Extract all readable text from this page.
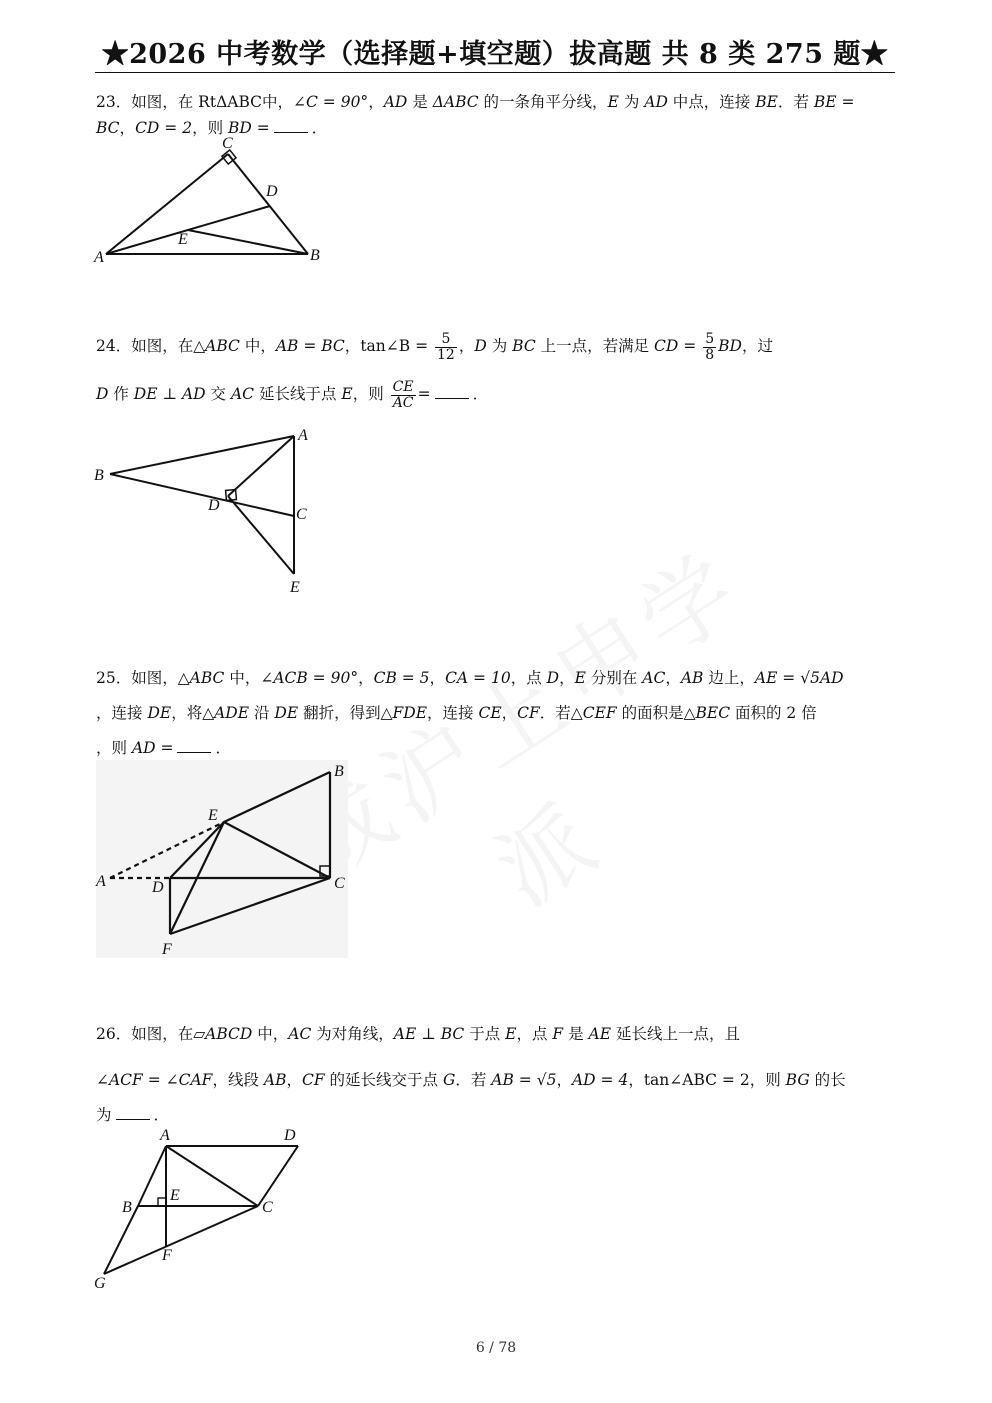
★2026 中考数学（选择题+填空题）拔高题 共 8 类 275 题★
23．如图，在 RtΔABC中，∠C = 90°，AD 是 ΔABC 的一条角平分线，E 为 AD 中点，连接 BE．若 BE =
BC，CD = 2，则 BD =	．
A	B
C
D
E
24．如图，在△ABC 中，AB = BC，tan∠B = $\frac{5}{12}$ ，D 为 BC 上一点，若满足 CD = $\frac{5}{8}$ BD，过
D 作 DE ⊥ AD 交 AC 延长线于点 E，则 $\frac{CE}{AC}$ =	．
B
A
C
D
E
25．如图，△ABC 中，∠ACB = 90°，CB = 5，CA = 10，点 D，E 分别在 AC，AB 边上，AE = √5AD
，连接 DE，将△ADE 沿 DE 翻折，得到△FDE，连接 CE，CF．若△CEF 的面积是△BEC 面积的 2 倍
，则 AD =	．
A
B
C
D
E
F
26．如图，在▱ABCD 中，AC 为对角线，AE ⊥ BC 于点 E，点 F 是 AE 延长线上一点，且
∠ACF = ∠CAF，线段 AB，CF 的延长线交于点 G．若 AB = √5，AD = 4，tan∠ABC = 2，则 BG 的长
为	．
A	D
B	C
E
F
G
6 / 78
